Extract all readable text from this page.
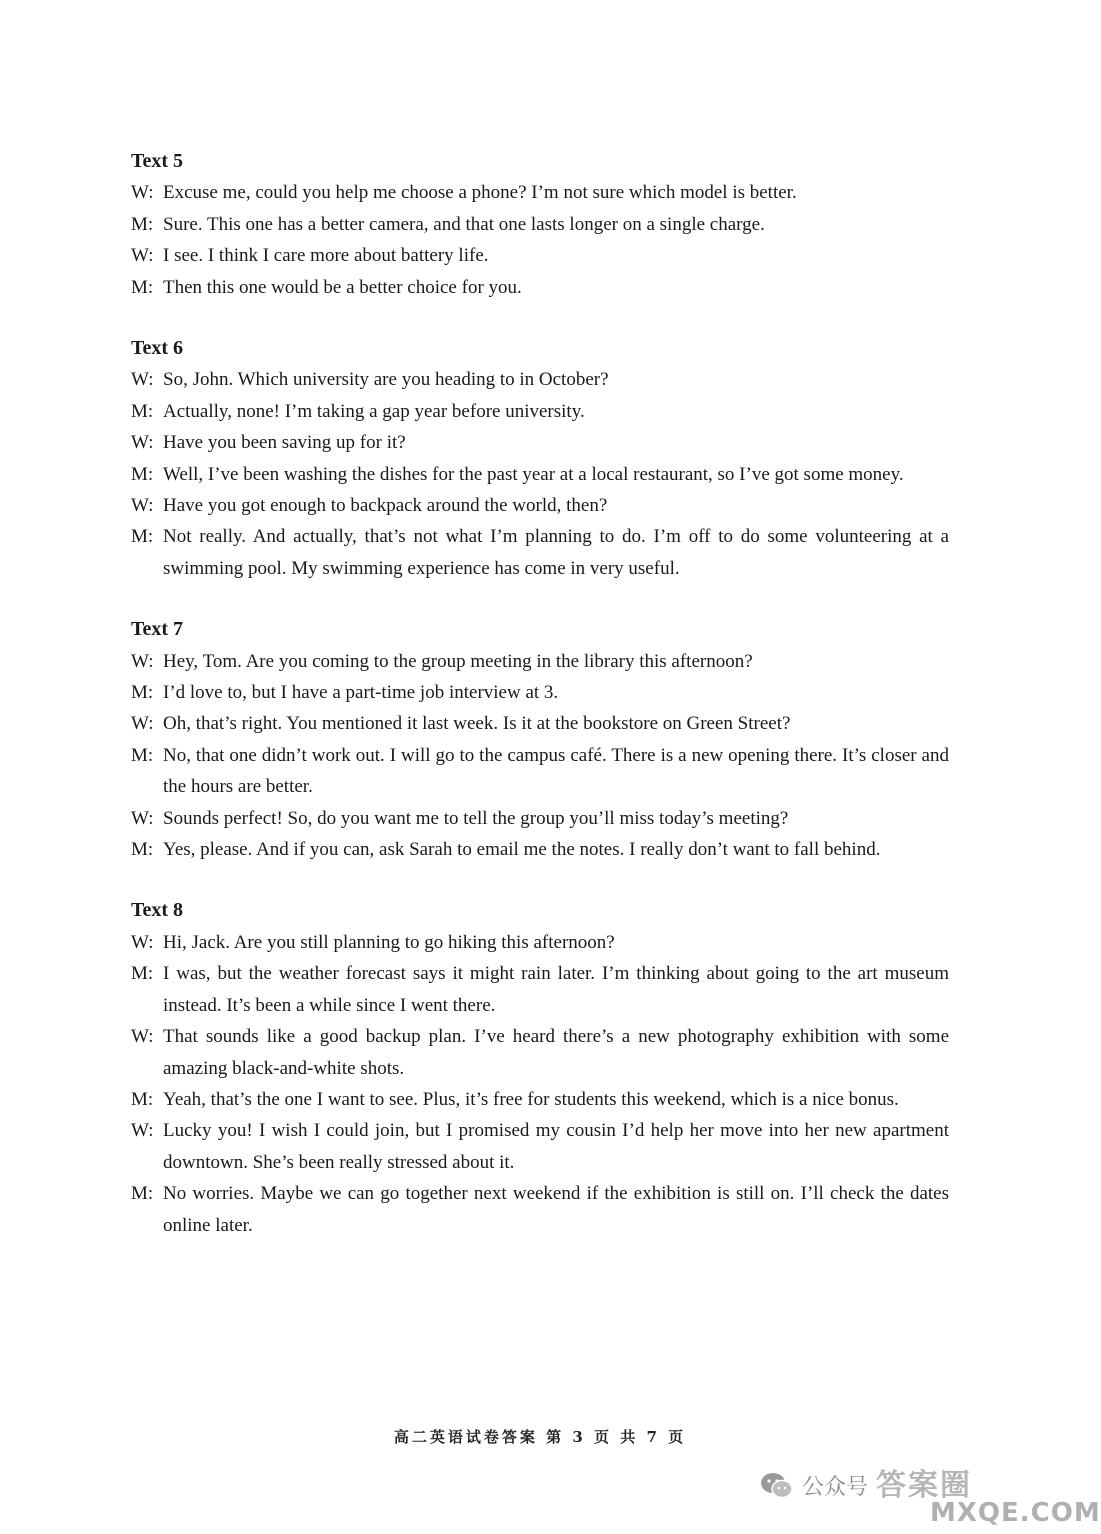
Text 5
W: Excuse me, could you help me choose a phone? I’m not sure which model is better.
M: Sure. This one has a better camera, and that one lasts longer on a single charge.
W: I see. I think I care more about battery life.
M: Then this one would be a better choice for you.
Text 6
W: So, John. Which university are you heading to in October?
M: Actually, none! I’m taking a gap year before university.
W: Have you been saving up for it?
M: Well, I’ve been washing the dishes for the past year at a local restaurant, so I’ve got some money.
W: Have you got enough to backpack around the world, then?
M: Not really. And actually, that’s not what I’m planning to do. I’m off to do some volunteering at a swimming pool. My swimming experience has come in very useful.
Text 7
W: Hey, Tom. Are you coming to the group meeting in the library this afternoon?
M: I’d love to, but I have a part-time job interview at 3.
W: Oh, that’s right. You mentioned it last week. Is it at the bookstore on Green Street?
M: No, that one didn’t work out. I will go to the campus café. There is a new opening there. It’s closer and the hours are better.
W: Sounds perfect! So, do you want me to tell the group you’ll miss today’s meeting?
M: Yes, please. And if you can, ask Sarah to email me the notes. I really don’t want to fall behind.
Text 8
W: Hi, Jack. Are you still planning to go hiking this afternoon?
M: I was, but the weather forecast says it might rain later. I’m thinking about going to the art museum instead. It’s been a while since I went there.
W: That sounds like a good backup plan. I’ve heard there’s a new photography exhibition with some amazing black-and-white shots.
M: Yeah, that’s the one I want to see. Plus, it’s free for students this weekend, which is a nice bonus.
W: Lucky you! I wish I could join, but I promised my cousin I’d help her move into her new apartment downtown. She’s been really stressed about it.
M: No worries. Maybe we can go together next weekend if the exhibition is still on. I’ll check the dates online later.
高二英语试卷答案 第 3 页 共 7 页
公众号 答案圈
MXQE.COM
